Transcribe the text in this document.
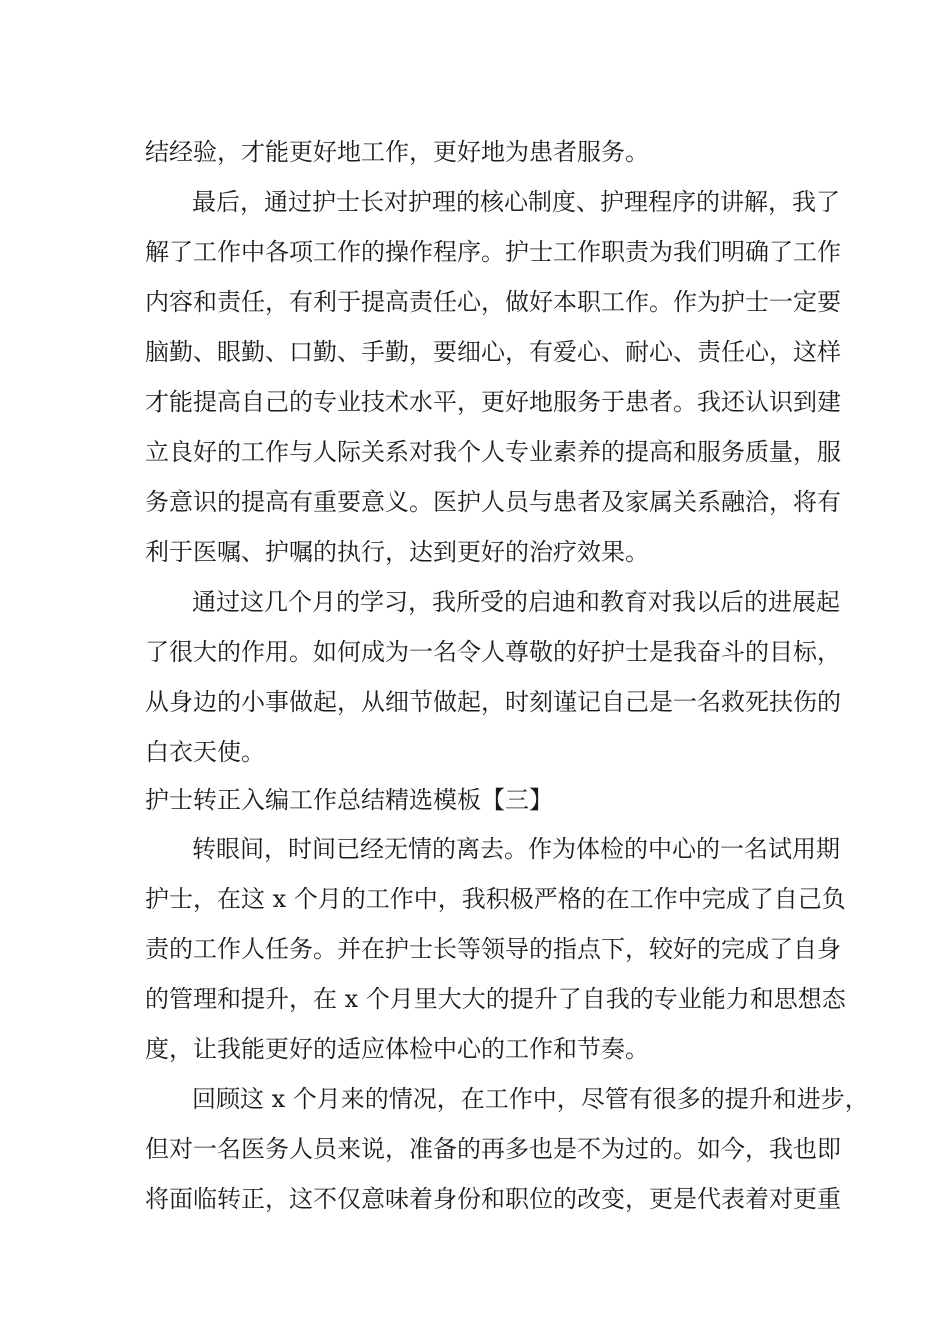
结经验，才能更好地工作，更好地为患者服务。
最后，通过护士长对护理的核心制度、护理程序的讲解，我了
解了工作中各项工作的操作程序。护士工作职责为我们明确了工作
内容和责任，有利于提高责任心，做好本职工作。作为护士一定要
脑勤、眼勤、口勤、手勤，要细心，有爱心、耐心、责任心，这样
才能提高自己的专业技术水平，更好地服务于患者。我还认识到建
立良好的工作与人际关系对我个人专业素养的提高和服务质量，服
务意识的提高有重要意义。医护人员与患者及家属关系融洽，将有
利于医嘱、护嘱的执行，达到更好的治疗效果。
通过这几个月的学习，我所受的启迪和教育对我以后的进展起
了很大的作用。如何成为一名令人尊敬的好护士是我奋斗的目标，
从身边的小事做起，从细节做起，时刻谨记自己是一名救死扶伤的
白衣天使。
护士转正入编工作总结精选模板【三】
转眼间，时间已经无情的离去。作为体检的中心的一名试用期
护士，在这 x 个月的工作中，我积极严格的在工作中完成了自己负
责的工作人任务。并在护士长等领导的指点下，较好的完成了自身
的管理和提升，在 x 个月里大大的提升了自我的专业能力和思想态
度，让我能更好的适应体检中心的工作和节奏。
回顾这 x 个月来的情况，在工作中，尽管有很多的提升和进步，
但对一名医务人员来说，准备的再多也是不为过的。如今，我也即
将面临转正，这不仅意味着身份和职位的改变，更是代表着对更重
